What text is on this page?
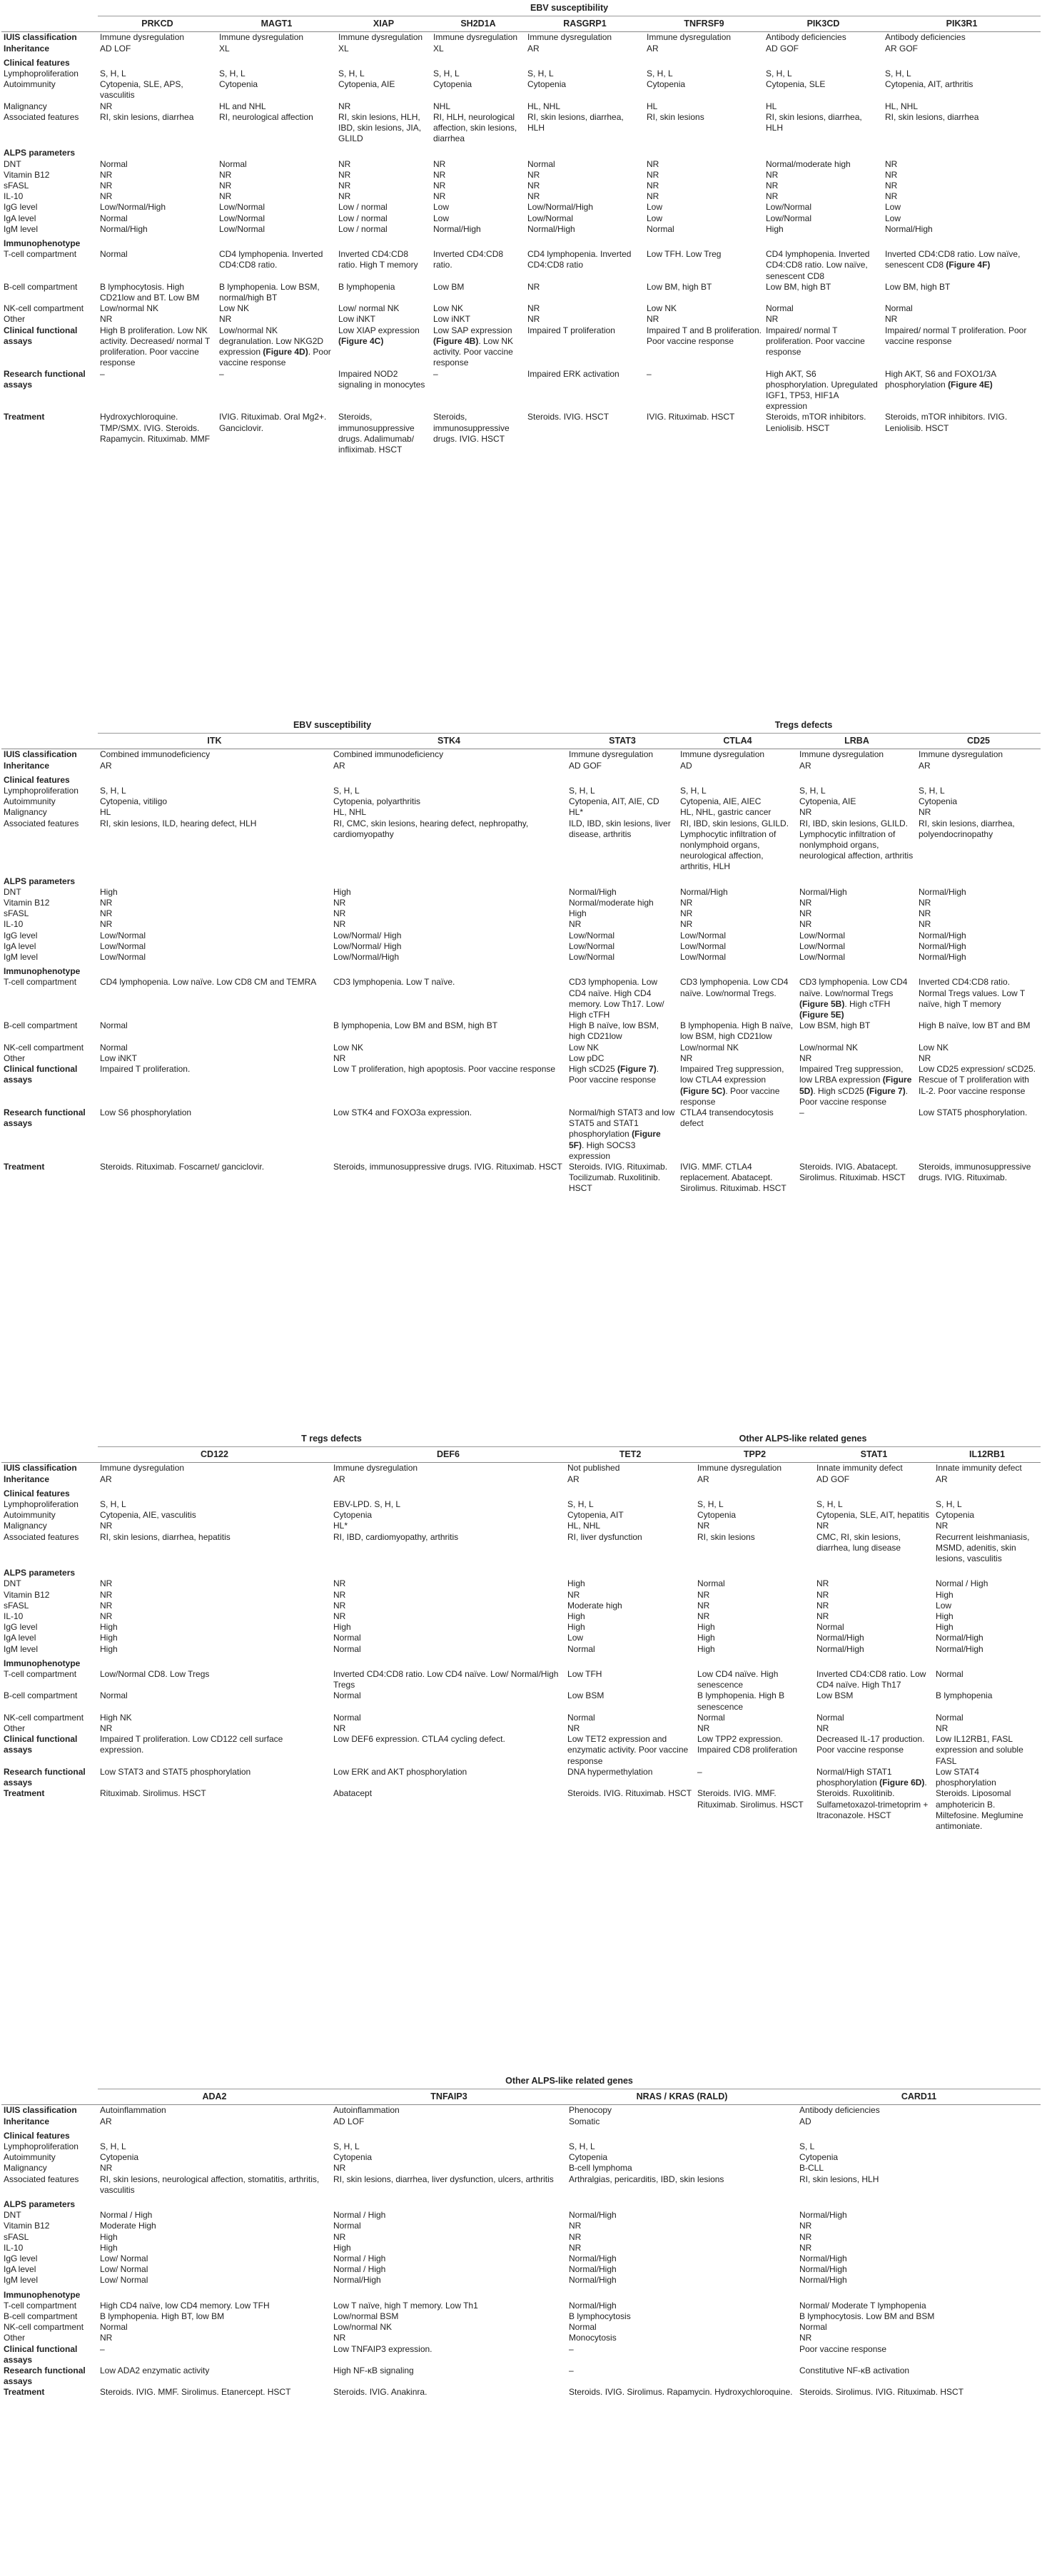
	EBV susceptibility							
	PRKCD	MAGT1	XIAP	SH2D1A	RASGRP1	TNFRSF9	PIK3CD	PIK3R1
IUIS classification	Immune dysregulation	Immune dysregulation	Immune dysregulation	Immune dysregulation	Immune dysregulation	Immune dysregulation	Antibody deficiencies	Antibody deficiencies
Inheritance	AD LOF	XL	XL	XL	AR	AR	AD GOF	AR GOF
Clinical features								
Lymphoproliferation	S, H, L	S, H, L	S, H, L	S, H, L	S, H, L	S, H, L	S, H, L	S, H, L
Autoimmunity	Cytopenia, SLE, APS, vasculitis	Cytopenia	Cytopenia, AIE	Cytopenia	Cytopenia	Cytopenia	Cytopenia, SLE	Cytopenia, AIT, arthritis
Malignancy	NR	HL and NHL	NR	NHL	HL, NHL	HL	HL	HL, NHL
Associated features	RI, skin lesions, diarrhea	RI, neurological affection	RI, skin lesions, HLH, IBD, skin lesions, JIA, GLILD	RI, HLH, neurological affection, skin lesions, diarrhea	RI, skin lesions, diarrhea, HLH	RI, skin lesions	RI, skin lesions, diarrhea, HLH	RI, skin lesions, diarrhea
ALPS parameters								
DNT	Normal	Normal	NR	NR	Normal	NR	Normal/moderate high	NR
Vitamin B12	NR	NR	NR	NR	NR	NR	NR	NR
sFASL	NR	NR	NR	NR	NR	NR	NR	NR
IL-10	NR	NR	NR	NR	NR	NR	NR	NR
IgG level	Low/Normal/High	Low/Normal	Low / normal	Low	Low/Normal/High	Low	Low/Normal	Low
IgA level	Normal	Low/Normal	Low / normal	Low	Low/Normal	Low	Low/Normal	Low
IgM level	Normal/High	Low/Normal	Low / normal	Normal/High	Normal/High	Normal	High	Normal/High
Immunophenotype								
T-cell compartment	Normal	CD4 lymphopenia. Inverted CD4:CD8 ratio.	Inverted CD4:CD8 ratio. High T memory	Inverted CD4:CD8 ratio.	CD4 lymphopenia. Inverted CD4:CD8 ratio	Low TFH. Low Treg	CD4 lymphopenia. Inverted CD4:CD8 ratio. Low naïve, senescent CD8	Inverted CD4:CD8 ratio. Low naïve, senescent CD8 (Figure 4F)
B-cell compartment	B lymphocytosis. High CD21low and BT. Low BM	B lymphopenia. Low BSM, normal/high BT	B lymphopenia	Low BM	NR	Low BM, high BT	Low BM, high BT	Low BM, high BT
NK-cell compartment	Low/normal NK	Low NK	Low/ normal NK	Low NK	NR	Low NK	Normal	Normal
Other	NR	NR	Low iNKT	Low iNKT	NR	NR	NR	NR
Clinical functional assays	High B proliferation. Low NK activity. Decreased/ normal T proliferation. Poor vaccine response	Low/normal NK degranulation. Low NKG2D expression (Figure 4D). Poor vaccine response	Low XIAP expression (Figure 4C)	Low SAP expression (Figure 4B). Low NK activity. Poor vaccine response	Impaired T proliferation	Impaired T and B proliferation. Poor vaccine response	Impaired/ normal T proliferation. Poor vaccine response	Impaired/ normal T proliferation. Poor vaccine response
Research functional assays	–	–	Impaired NOD2 signaling in monocytes	–	Impaired ERK activation	–	High AKT, S6 phosphorylation. Upregulated IGF1, TP53, HIF1A expression	High AKT, S6 and FOXO1/3A phosphorylation (Figure 4E)
Treatment	Hydroxychloroquine. TMP/SMX. IVIG. Steroids. Rapamycin. Rituximab. MMF	IVIG. Rituximab. Oral Mg2+. Ganciclovir.	Steroids, immunosuppressive drugs. Adalimumab/ infliximab. HSCT	Steroids, immunosuppressive drugs. IVIG. HSCT	Steroids. IVIG. HSCT	IVIG. Rituximab. HSCT	Steroids, mTOR inhibitors. Leniolisib. HSCT	Steroids, mTOR inhibitors. IVIG. Leniolisib. HSCT
	EBV susceptibility		Tregs defects			
	ITK	STK4	STAT3	CTLA4	LRBA	CD25
IUIS classification	Combined immunodeficiency	Combined immunodeficiency	Immune dysregulation	Immune dysregulation	Immune dysregulation	Immune dysregulation
Inheritance	AR	AR	AD GOF	AD	AR	AR
Clinical features						
Lymphoproliferation	S, H, L	S, H, L	S, H, L	S, H, L	S, H, L	S, H, L
Autoimmunity	Cytopenia, vitiligo	Cytopenia, polyarthritis	Cytopenia, AIT, AIE, CD	Cytopenia, AIE, AIEC	Cytopenia, AIE	Cytopenia
Malignancy	HL	HL, NHL	HL*	HL, NHL, gastric cancer	NR	NR
Associated features	RI, skin lesions, ILD, hearing defect, HLH	RI, CMC, skin lesions, hearing defect, nephropathy, cardiomyopathy	ILD, IBD, skin lesions, liver disease, arthritis	RI, IBD, skin lesions, GLILD. Lymphocytic infiltration of nonlymphoid organs, neurological affection, arthritis, HLH	RI, IBD, skin lesions, GLILD. Lymphocytic infiltration of nonlymphoid organs, neurological affection, arthritis	RI, skin lesions, diarrhea, polyendocrinopathy
ALPS parameters						
DNT	High	High	Normal/High	Normal/High	Normal/High	Normal/High
Vitamin B12	NR	NR	Normal/moderate high	NR	NR	NR
sFASL	NR	NR	High	NR	NR	NR
IL-10	NR	NR	NR	NR	NR	NR
IgG level	Low/Normal	Low/Normal/ High	Low/Normal	Low/Normal	Low/Normal	Normal/High
IgA level	Low/Normal	Low/Normal/ High	Low/Normal	Low/Normal	Low/Normal	Normal/High
IgM level	Low/Normal	Low/Normal/High	Low/Normal	Low/Normal	Low/Normal	Normal/High
Immunophenotype						
T-cell compartment	CD4 lymphopenia. Low naïve. Low CD8 CM and TEMRA	CD3 lymphopenia. Low T naïve.	CD3 lymphopenia. Low CD4 naïve. High CD4 memory. Low Th17. Low/ High cTFH	CD3 lymphopenia. Low CD4 naïve. Low/normal Tregs.	CD3 lymphopenia. Low CD4 naïve. Low/normal Tregs (Figure 5B). High cTFH (Figure 5E)	Inverted CD4:CD8 ratio. Normal Tregs values. Low T naïve, high T memory
B-cell compartment	Normal	B lymphopenia, Low BM and BSM, high BT	High B naïve, low BSM, high CD21low	B lymphopenia. High B naïve, low BSM, high CD21low	Low BSM, high BT	High B naïve, low BT and BM
NK-cell compartment	Normal	Low NK	Low NK	Low/normal NK	Low/normal NK	Low NK
Other	Low iNKT	NR	Low pDC	NR	NR	NR
Clinical functional assays	Impaired T proliferation.	Low T proliferation, high apoptosis. Poor vaccine response	High sCD25 (Figure 7). Poor vaccine response	Impaired Treg suppression, low CTLA4 expression (Figure 5C). Poor vaccine response	Impaired Treg suppression, low LRBA expression (Figure 5D). High sCD25 (Figure 7). Poor vaccine response	Low CD25 expression/ sCD25. Rescue of T proliferation with IL-2. Poor vaccine response
Research functional assays	Low S6 phosphorylation	Low STK4 and FOXO3a expression.	Normal/high STAT3 and low STAT5 and STAT1 phosphorylation (Figure 5F). High SOCS3 expression	CTLA4 transendocytosis defect	–	Low STAT5 phosphorylation.
Treatment	Steroids. Rituximab. Foscarnet/ ganciclovir.	Steroids, immunosuppressive drugs. IVIG. Rituximab. HSCT	Steroids. IVIG. Rituximab. Tocilizumab. Ruxolitinib. HSCT	IVIG. MMF. CTLA4 replacement. Abatacept. Sirolimus. Rituximab. HSCT	Steroids. IVIG. Abatacept. Sirolimus. Rituximab. HSCT	Steroids, immunosuppressive drugs. IVIG. Rituximab.
	T regs defects		Other ALPS-like related genes			
	CD122	DEF6	TET2	TPP2	STAT1	IL12RB1
IUIS classification	Immune dysregulation	Immune dysregulation	Not published	Immune dysregulation	Innate immunity defect	Innate immunity defect
Inheritance	AR	AR	AR	AR	AD GOF	AR
Clinical features						
Lymphoproliferation	S, H, L	EBV-LPD. S, H, L	S, H, L	S, H, L	S, H, L	S, H, L
Autoimmunity	Cytopenia, AIE, vasculitis	Cytopenia	Cytopenia, AIT	Cytopenia	Cytopenia, SLE, AIT, hepatitis	Cytopenia
Malignancy	NR	HL*	HL, NHL	NR	NR	NR
Associated features	RI, skin lesions, diarrhea, hepatitis	RI, IBD, cardiomyopathy, arthritis	RI, liver dysfunction	RI, skin lesions	CMC, RI, skin lesions, diarrhea, lung disease	Recurrent leishmaniasis, MSMD, adenitis, skin lesions, vasculitis
ALPS parameters						
DNT	NR	NR	High	Normal	NR	Normal / High
Vitamin B12	NR	NR	NR	NR	NR	High
sFASL	NR	NR	Moderate high	NR	NR	Low
IL-10	NR	NR	High	NR	NR	High
IgG level	High	High	High	High	Normal	High
IgA level	High	Normal	Low	High	Normal/High	Normal/High
IgM level	High	Normal	Normal	High	Normal/High	Normal/High
Immunophenotype						
T-cell compartment	Low/Normal CD8. Low Tregs	Inverted CD4:CD8 ratio. Low CD4 naïve. Low/ Normal/High Tregs	Low TFH	Low CD4 naïve. High senescence	Inverted CD4:CD8 ratio. Low CD4 naïve. High Th17	Normal
B-cell compartment	Normal	Normal	Low BSM	B lymphopenia. High B senescence	Low BSM	B lymphopenia
NK-cell compartment	High NK	Normal	Normal	Normal	Normal	Normal
Other	NR	NR	NR	NR	NR	NR
Clinical functional assays	Impaired T proliferation. Low CD122 cell surface expression.	Low DEF6 expression. CTLA4 cycling defect.	Low TET2 expression and enzymatic activity. Poor vaccine response	Low TPP2 expression. Impaired CD8 proliferation	Decreased IL-17 production. Poor vaccine response	Low IL12RB1, FASL expression and soluble FASL
Research functional assays	Low STAT3 and STAT5 phosphorylation	Low ERK and AKT phosphorylation	DNA hypermethylation	–	Normal/High STAT1 phosphorylation (Figure 6D).	Low STAT4 phosphorylation
Treatment	Rituximab. Sirolimus. HSCT	Abatacept	Steroids. IVIG. Rituximab. HSCT	Steroids. IVIG. MMF. Rituximab. Sirolimus. HSCT	Steroids. Ruxolitinib. Sulfametoxazol-trimetoprim + Itraconazole. HSCT	Steroids. Liposomal amphotericin B. Miltefosine. Meglumine antimoniate.
	Other ALPS-like related genes			
	ADA2	TNFAIP3	NRAS / KRAS (RALD)	CARD11
IUIS classification	Autoinflammation	Autoinflammation	Phenocopy	Antibody deficiencies
Inheritance	AR	AD LOF	Somatic	AD
Clinical features				
Lymphoproliferation	S, H, L	S, H, L	S, H, L	S, L
Autoimmunity	Cytopenia	Cytopenia	Cytopenia	Cytopenia
Malignancy	NR	NR	B-cell lymphoma	B-CLL
Associated features	RI, skin lesions, neurological affection, stomatitis, arthritis, vasculitis	RI, skin lesions, diarrhea, liver dysfunction, ulcers, arthritis	Arthralgias, pericarditis, IBD, skin lesions	RI, skin lesions, HLH
ALPS parameters				
DNT	Normal / High	Normal / High	Normal/High	Normal/High
Vitamin B12	Moderate High	Normal	NR	NR
sFASL	High	NR	NR	NR
IL-10	High	High	NR	NR
IgG level	Low/ Normal	Normal / High	Normal/High	Normal/High
IgA level	Low/ Normal	Normal / High	Normal/High	Normal/High
IgM level	Low/ Normal	Normal/High	Normal/High	Normal/High
Immunophenotype				
T-cell compartment	High CD4 naïve, low CD4 memory. Low TFH	Low T naïve, high T memory. Low Th1	Normal/High	Normal/ Moderate T lymphopenia
B-cell compartment	B lymphopenia. High BT, low BM	Low/normal BSM	B lymphocytosis	B lymphocytosis. Low BM and BSM
NK-cell compartment	Normal	Low/normal NK	Normal	Normal
Other	NR	NR	Monocytosis	NR
Clinical functional assays	–	Low TNFAIP3 expression.	–	Poor vaccine response
Research functional assays	Low ADA2 enzymatic activity	High NF-κB signaling	–	Constitutive NF-κB activation
Treatment	Steroids. IVIG. MMF. Sirolimus. Etanercept. HSCT	Steroids. IVIG. Anakinra.	Steroids. IVIG. Sirolimus. Rapamycin. Hydroxychloroquine.	Steroids. Sirolimus. IVIG. Rituximab. HSCT
